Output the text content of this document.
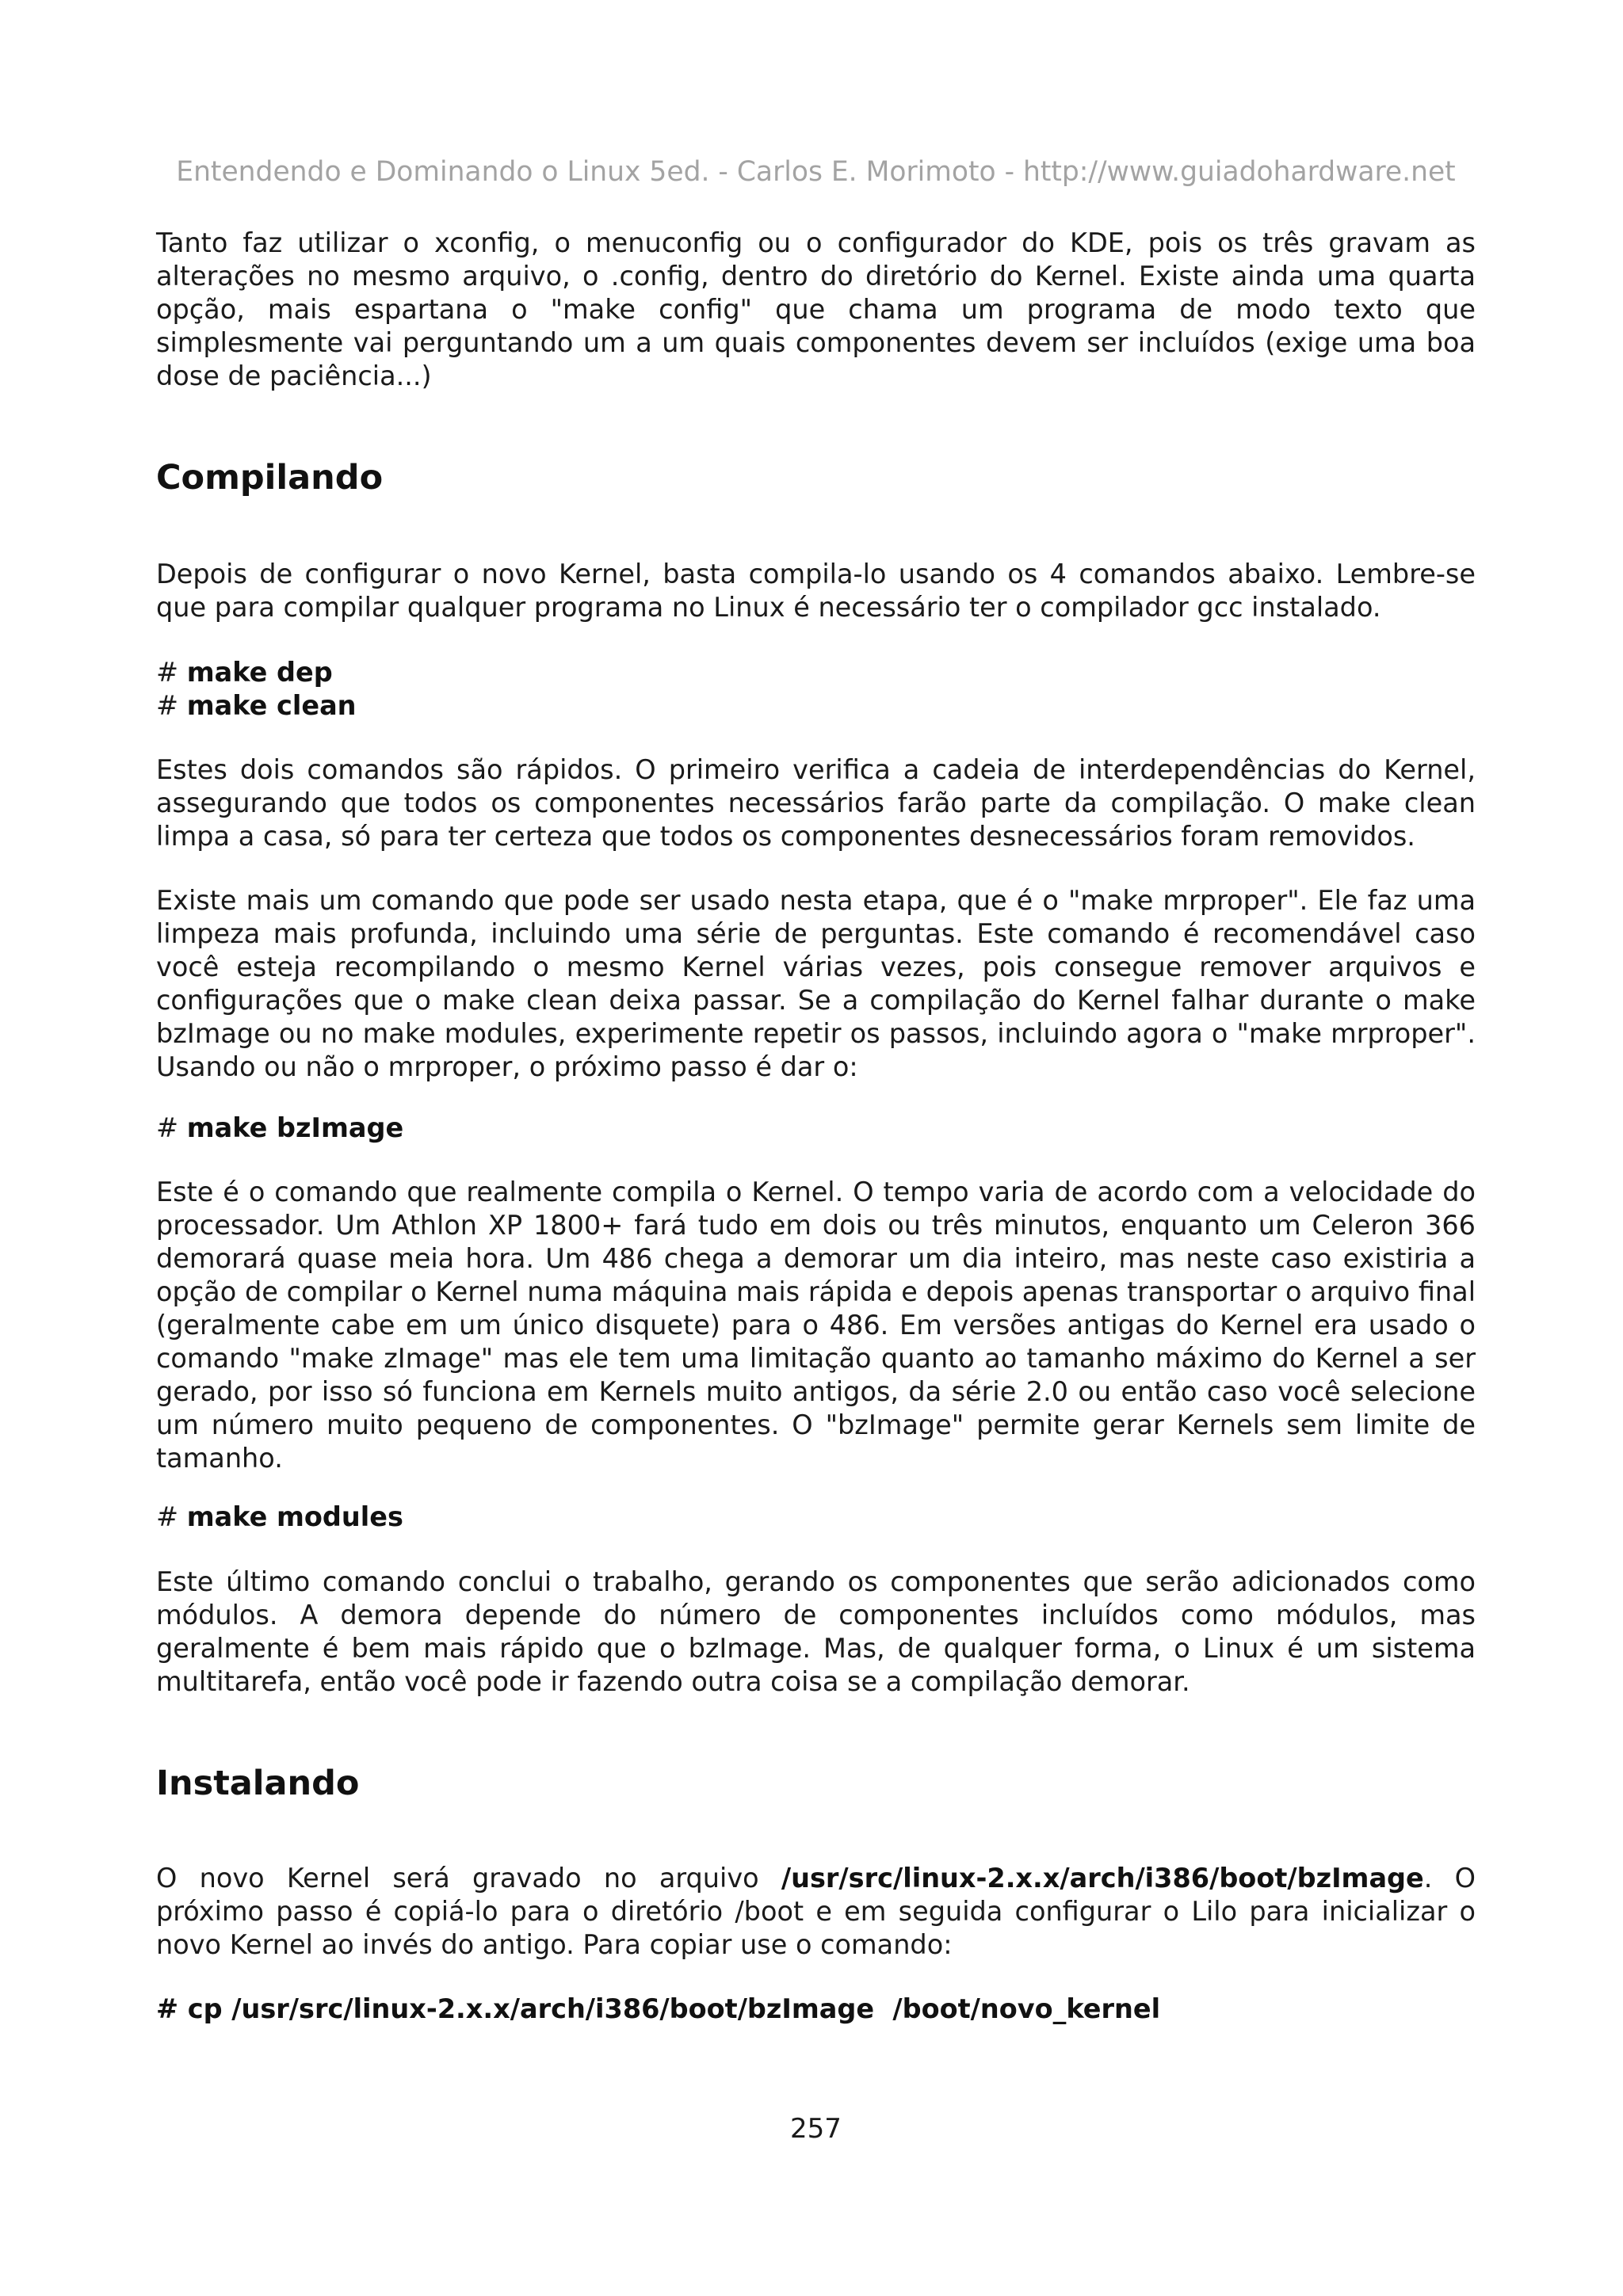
Entendendo e Dominando o Linux 5ed. - Carlos E. Morimoto - http://www.guiadohardware.net

Tanto faz utilizar o xconfig, o menuconfig ou o configurador do KDE, pois os três gravam as alterações no mesmo arquivo, o .config, dentro do diretório do Kernel. Existe ainda uma quarta opção, mais espartana o "make config" que chama um programa de modo texto que simplesmente vai perguntando um a um quais componentes devem ser incluídos (exige uma boa dose de paciência...)

Compilando

Depois de configurar o novo Kernel, basta compila-lo usando os 4 comandos abaixo. Lembre-se que para compilar qualquer programa no Linux é necessário ter o compilador gcc instalado.

# make dep
# make clean

Estes dois comandos são rápidos. O primeiro verifica a cadeia de interdependências do Kernel, assegurando que todos os componentes necessários farão parte da compilação. O make clean limpa a casa, só para ter certeza que todos os componentes desnecessários foram removidos.

Existe mais um comando que pode ser usado nesta etapa, que é o "make mrproper". Ele faz uma limpeza mais profunda, incluindo uma série de perguntas. Este comando é recomendável caso você esteja recompilando o mesmo Kernel várias vezes, pois consegue remover arquivos e configurações que o make clean deixa passar. Se a compilação do Kernel falhar durante o make bzImage ou no make modules, experimente repetir os passos, incluindo agora o "make mrproper". Usando ou não o mrproper, o próximo passo é dar o:

# make bzImage

Este é o comando que realmente compila o Kernel. O tempo varia de acordo com a velocidade do processador. Um Athlon XP 1800+ fará tudo em dois ou três minutos, enquanto um Celeron 366 demorará quase meia hora. Um 486 chega a demorar um dia inteiro, mas neste caso existiria a opção de compilar o Kernel numa máquina mais rápida e depois apenas transportar o arquivo final (geralmente cabe em um único disquete) para o 486. Em versões antigas do Kernel era usado o comando "make zImage" mas ele tem uma limitação quanto ao tamanho máximo do Kernel a ser gerado, por isso só funciona em Kernels muito antigos, da série 2.0 ou então caso você selecione um número muito pequeno de componentes. O "bzImage" permite gerar Kernels sem limite de tamanho.

# make modules

Este último comando conclui o trabalho, gerando os componentes que serão adicionados como módulos. A demora depende do número de componentes incluídos como módulos, mas geralmente é bem mais rápido que o bzImage. Mas, de qualquer forma, o Linux é um sistema multitarefa, então você pode ir fazendo outra coisa se a compilação demorar.

Instalando

O novo Kernel será gravado no arquivo /usr/src/linux-2.x.x/arch/i386/boot/bzImage. O próximo passo é copiá-lo para o diretório /boot e em seguida configurar o Lilo para inicializar o novo Kernel ao invés do antigo. Para copiar use o comando:

# cp /usr/src/linux-2.x.x/arch/i386/boot/bzImage  /boot/novo_kernel
257
